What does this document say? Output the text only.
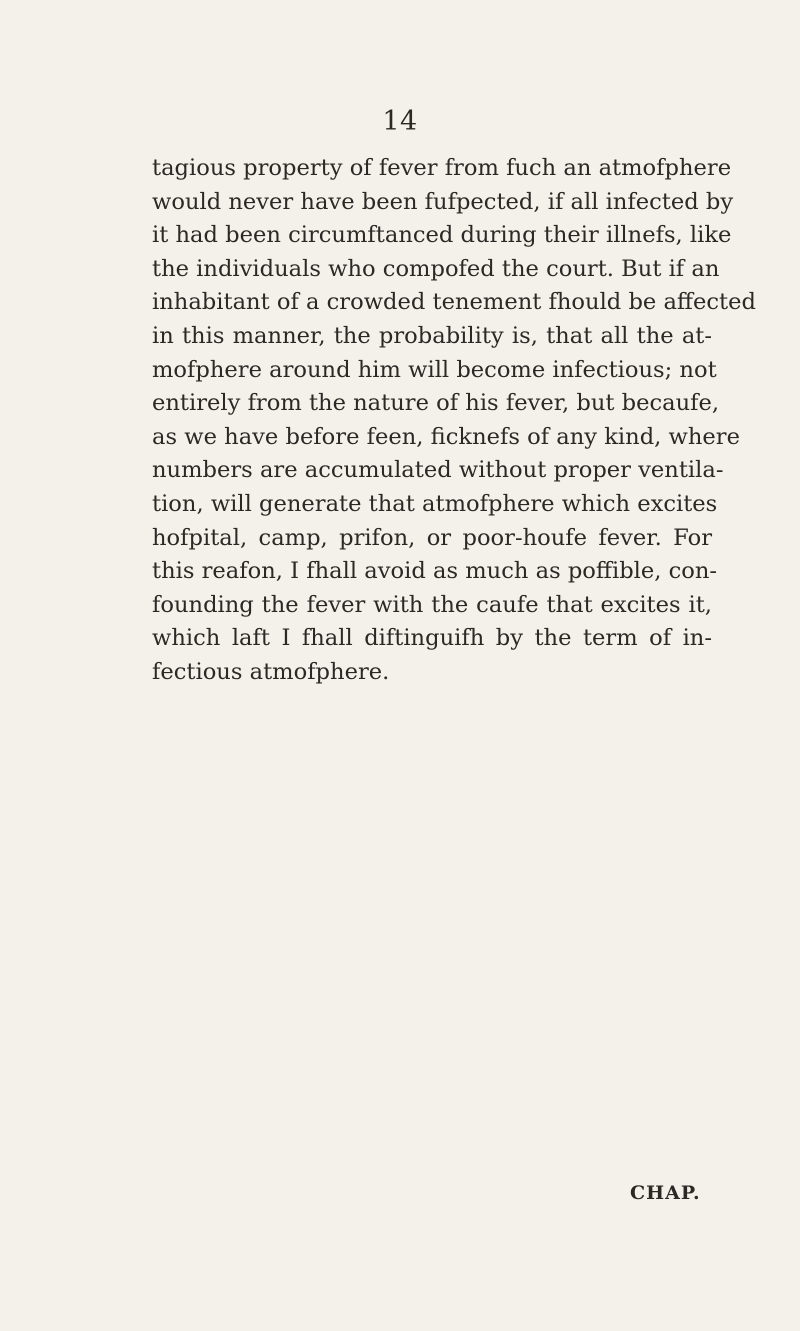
14
tagious property of fever from fuch an atmofphere
would never have been fufpected, if all infected by
it had been circumftanced during their illnefs, like
the individuals who compofed the court. But if an
inhabitant of a crowded tenement fhould be affected
in this manner, the probability is, that all the at-
mofphere around him will become infectious; not
entirely from the nature of his fever, but becaufe,
as we have before feen, ficknefs of any kind, where
numbers are accumulated without proper ventila-
tion, will generate that atmofphere which excites
hofpital, camp, prifon, or poor-houfe fever. For
this reafon, I fhall avoid as much as poffible, con-
founding the fever with the caufe that excites it,
which laft I fhall diftinguifh by the term of in-
fectious atmofphere.
CHAP.
